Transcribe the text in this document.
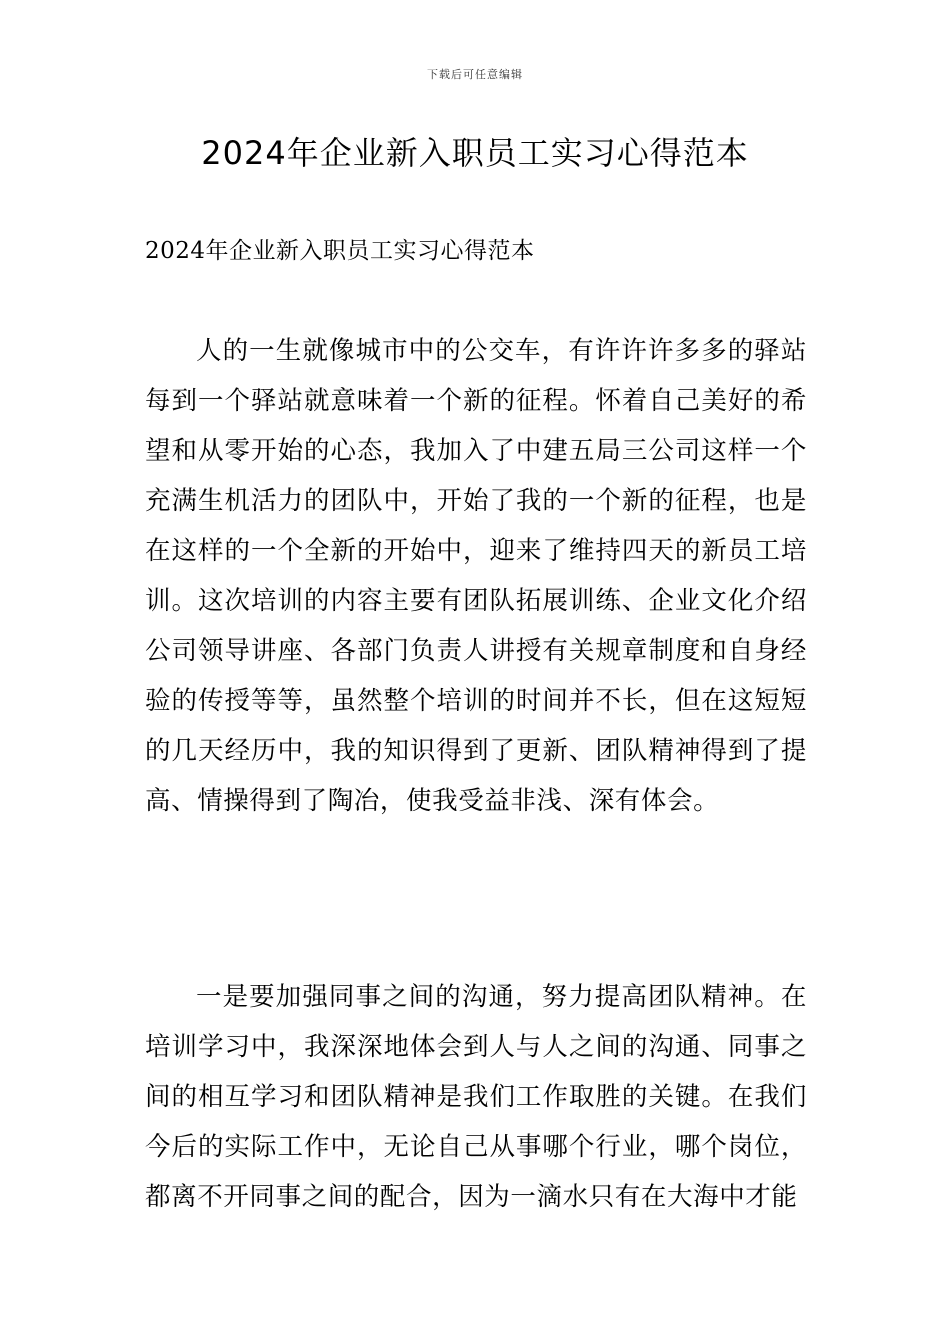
下载后可任意编辑
2024年企业新入职员工实习心得范本

2024年企业新入职员工实习心得范本

人的一生就像城市中的公交车，有许许许多多的驿站每到一个驿站就意味着一个新的征程。怀着自己美好的希望和从零开始的心态，我加入了中建五局三公司这样一个充满生机活力的团队中，开始了我的一个新的征程，也是在这样的一个全新的开始中，迎来了维持四天的新员工培训。这次培训的内容主要有团队拓展训练、企业文化介绍公司领导讲座、各部门负责人讲授有关规章制度和自身经验的传授等等，虽然整个培训的时间并不长，但在这短短的几天经历中，我的知识得到了更新、团队精神得到了提高、情操得到了陶冶，使我受益非浅、深有体会。

一是要加强同事之间的沟通，努力提高团队精神。在培训学习中，我深深地体会到人与人之间的沟通、同事之间的相互学习和团队精神是我们工作取胜的关键。在我们今后的实际工作中，无论自己从事哪个行业，哪个岗位，都离不开同事之间的配合，因为一滴水只有在大海中才能
